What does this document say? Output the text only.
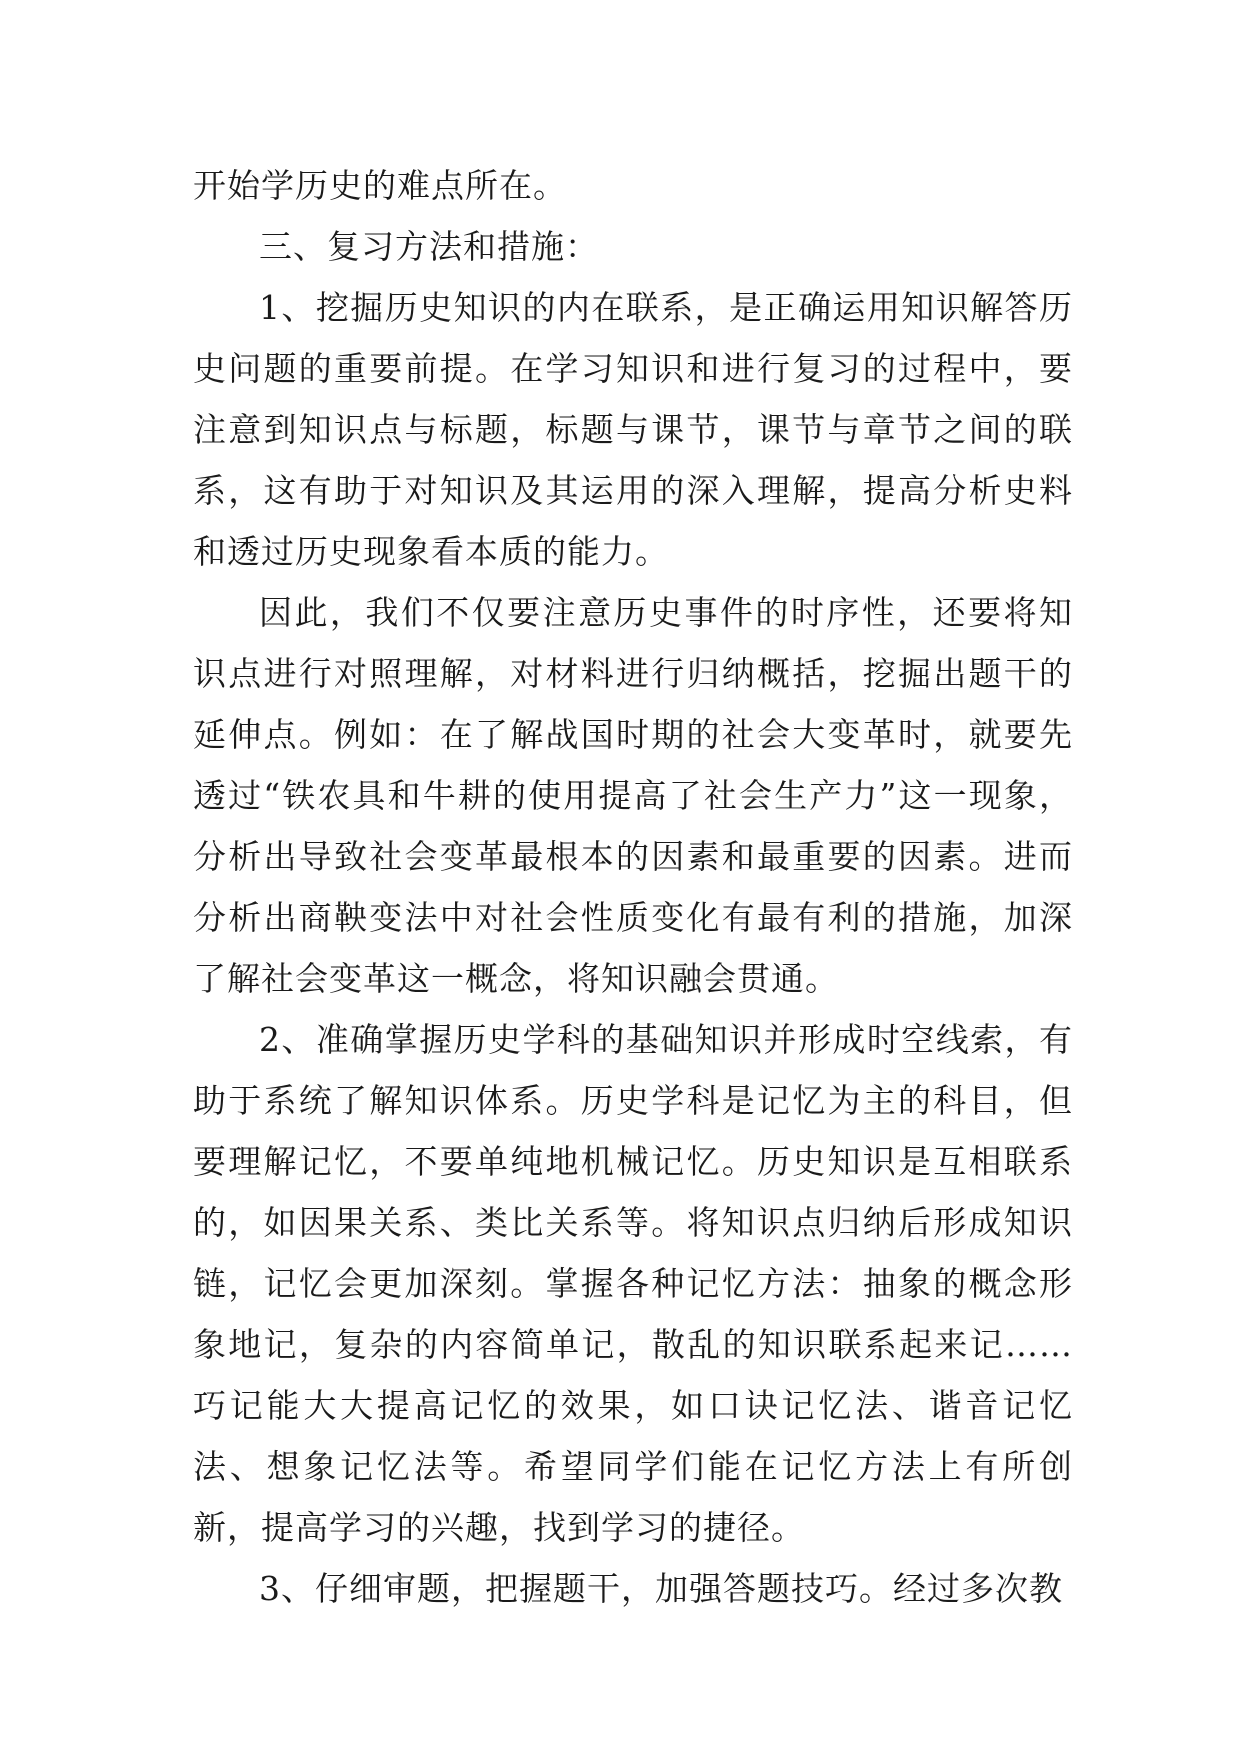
开始学历史的难点所在。

三、复习方法和措施：

1、挖掘历史知识的内在联系，是正确运用知识解答历史问题的重要前提。在学习知识和进行复习的过程中，要注意到知识点与标题，标题与课节，课节与章节之间的联系，这有助于对知识及其运用的深入理解，提高分析史料和透过历史现象看本质的能力。

因此，我们不仅要注意历史事件的时序性，还要将知识点进行对照理解，对材料进行归纳概括，挖掘出题干的延伸点。例如：在了解战国时期的社会大变革时，就要先透过“铁农具和牛耕的使用提高了社会生产力”这一现象，分析出导致社会变革最根本的因素和最重要的因素。进而分析出商鞅变法中对社会性质变化有最有利的措施，加深了解社会变革这一概念，将知识融会贯通。

2、准确掌握历史学科的基础知识并形成时空线索，有助于系统了解知识体系。历史学科是记忆为主的科目，但要理解记忆，不要单纯地机械记忆。历史知识是互相联系的，如因果关系、类比关系等。将知识点归纳后形成知识链，记忆会更加深刻。掌握各种记忆方法：抽象的概念形象地记，复杂的内容简单记，散乱的知识联系起来记……巧记能大大提高记忆的效果，如口诀记忆法、谐音记忆法、想象记忆法等。希望同学们能在记忆方法上有所创新，提高学习的兴趣，找到学习的捷径。

3、仔细审题，把握题干，加强答题技巧。经过多次教
